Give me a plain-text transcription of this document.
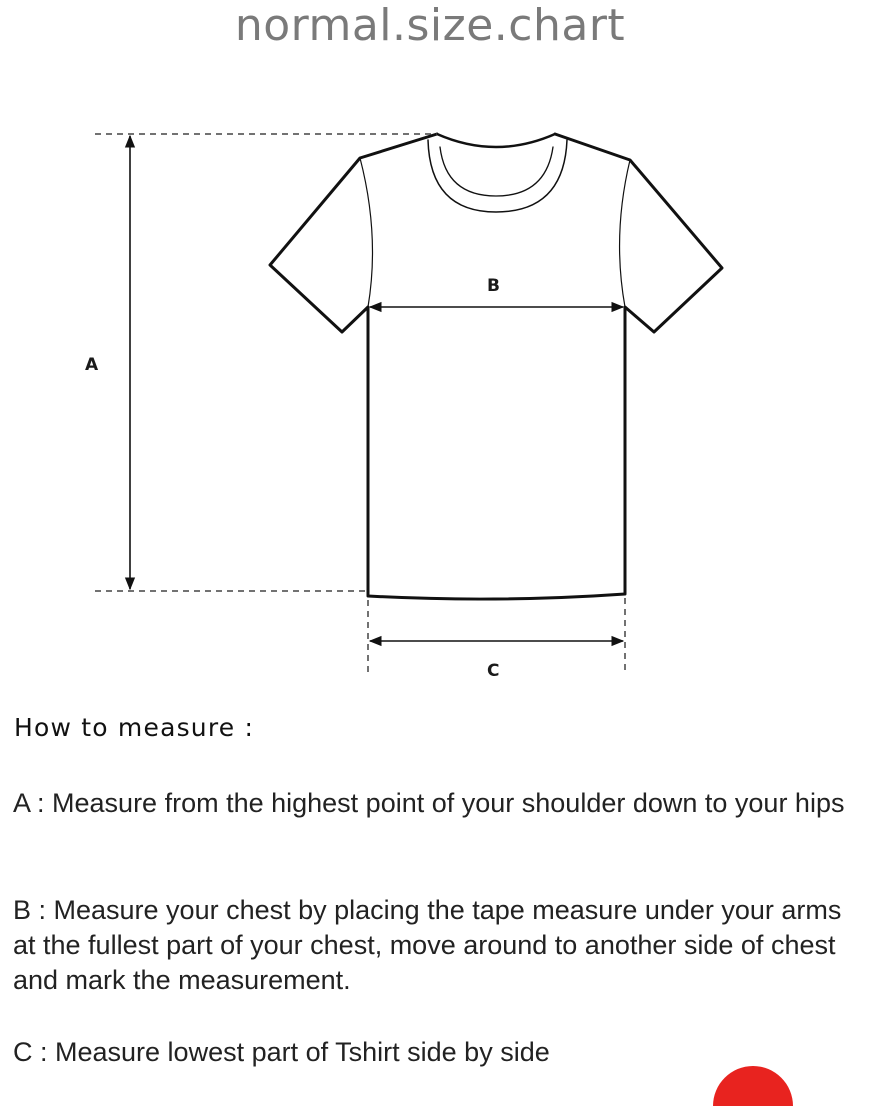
normal.size.chart
A
B
C
How to measure :
A : Measure from the highest point of your shoulder down to your hips
B : Measure your chest by placing the tape measure under your arms at the fullest part of your chest, move around to another side of chest and mark the measurement.
C : Measure lowest part of Tshirt side by side
